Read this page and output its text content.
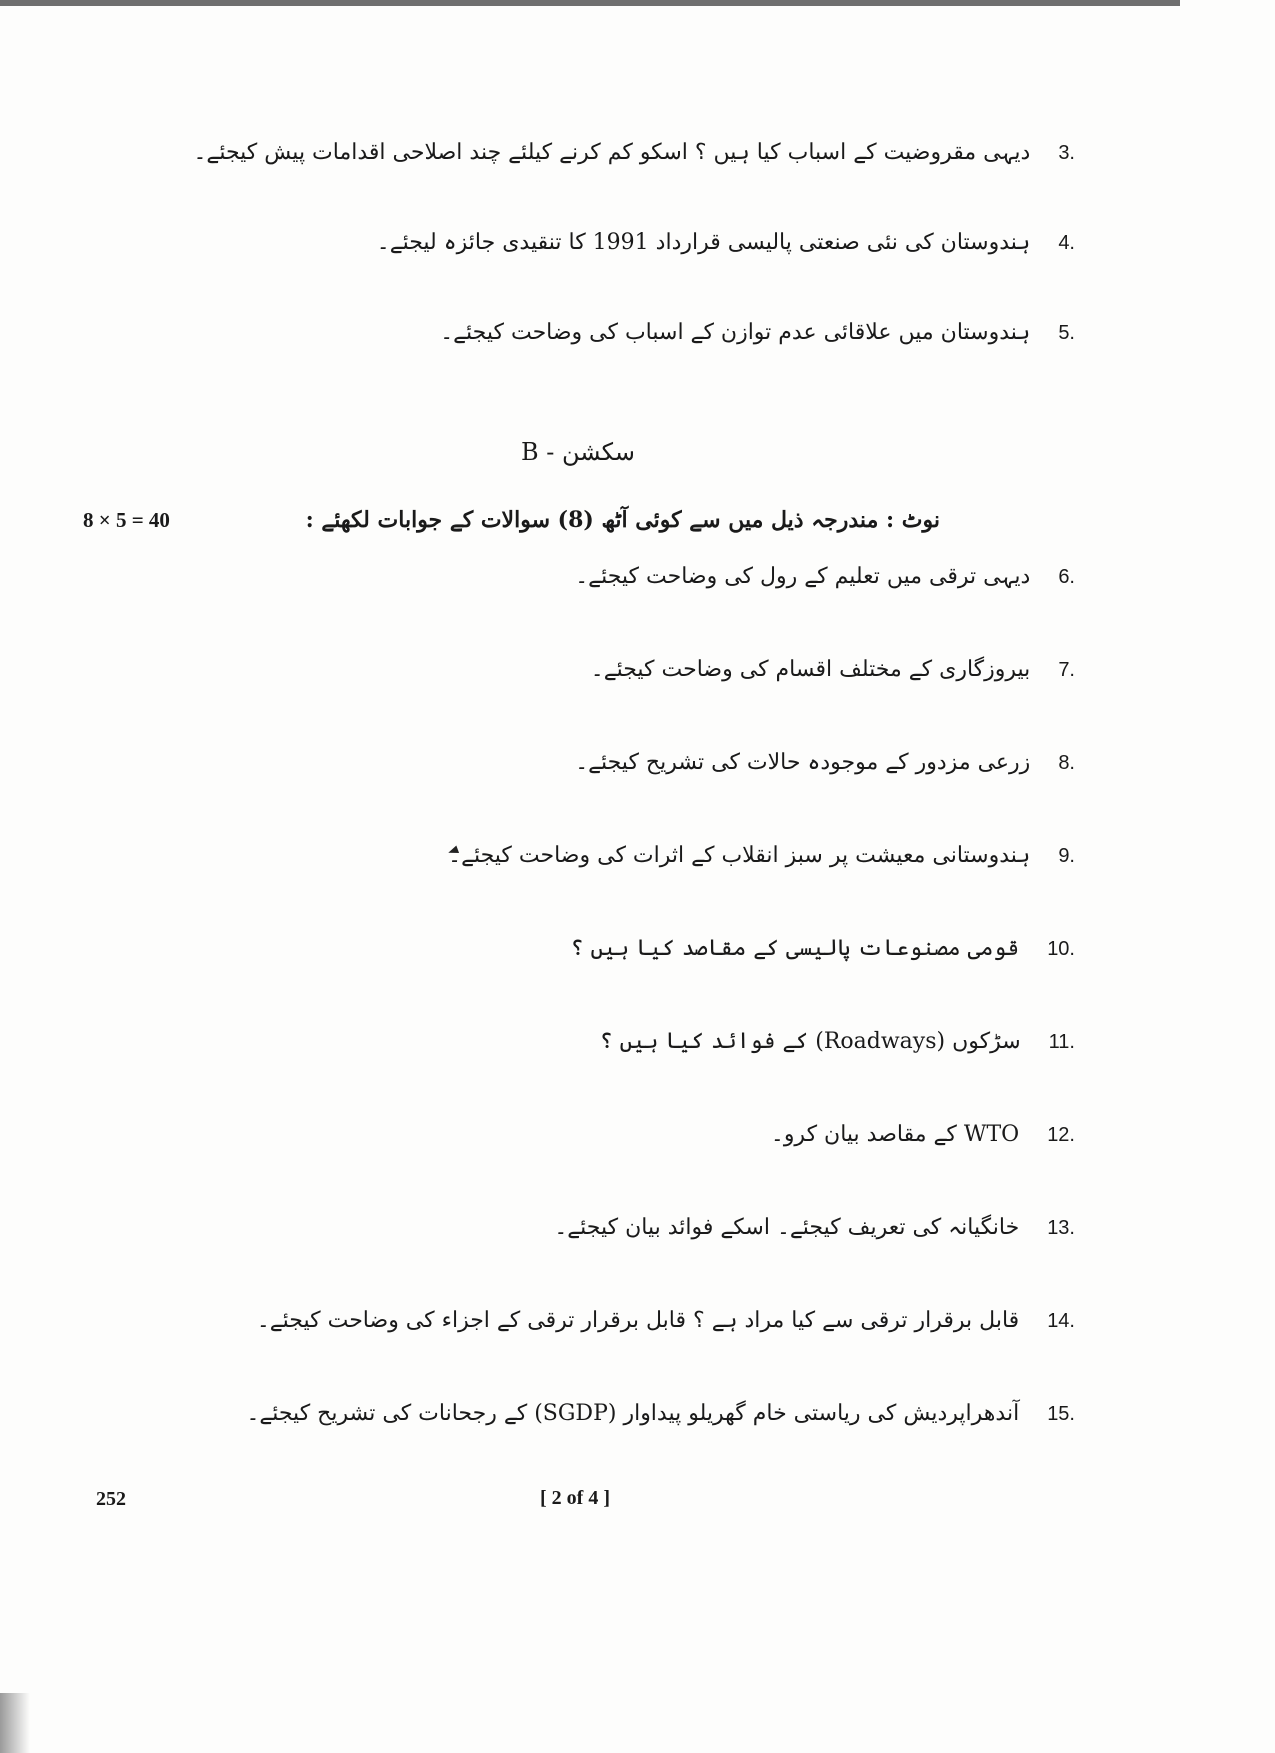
3.
دیہی مقروضیت کے اسباب کیا ہیں ؟ اسکو کم کرنے کیلئے چند اصلاحی اقدامات پیش کیجئے۔
4.
ہندوستان کی نئی صنعتی پالیسی قرارداد 1991 کا تنقیدی جائزہ لیجئے۔
5.
ہندوستان میں علاقائی عدم توازن کے اسباب کی وضاحت کیجئے۔
سکشن - B
نوٹ : مندرجہ ذیل میں سے کوئی آٹھ (8) سوالات کے جوابات لکھئے :
8 × 5 = 40
6.
دیہی ترقی میں تعلیم کے رول کی وضاحت کیجئے۔
7.
بیروزگاری کے مختلف اقسام کی وضاحت کیجئے۔
8.
زرعی مزدور کے موجودہ حالات کی تشریح کیجئے۔
9.
ہندوستانی معیشت پر سبز انقلاب کے اثرات کی وضاحت کیجئے۔
10.
قومی مصنوعات پالیسی کے مقاصد کیا ہیں ؟
11.
سڑکوں (Roadways) کے فوائد کیا ہیں ؟
12.
WTO کے مقاصد بیان کرو۔
13.
خانگیانہ کی تعریف کیجئے۔ اسکے فوائد بیان کیجئے۔
14.
قابل برقرار ترقی سے کیا مراد ہے ؟ قابل برقرار ترقی کے اجزاء کی وضاحت کیجئے۔
15.
آندھراپردیش کی ریاستی خام گھریلو پیداوار (SGDP) کے رجحانات کی تشریح کیجئے۔
252	[ 2 of 4 ]
